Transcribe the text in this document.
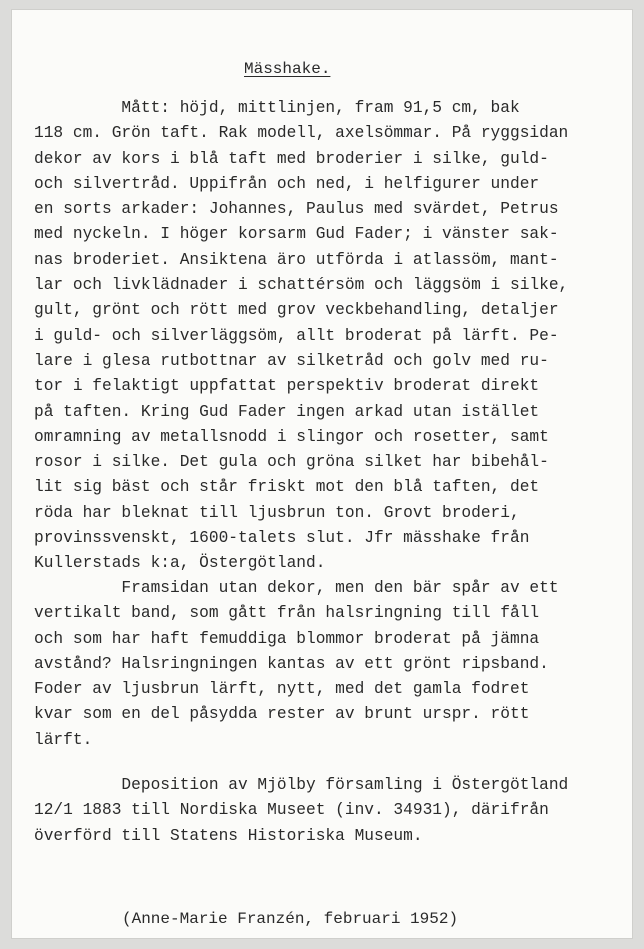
Mässhake.
Mått: höjd, mittlinjen, fram 91,5 cm, bak
118 cm. Grön taft. Rak modell, axelsömmar. På ryggsidan
dekor av kors i blå taft med broderier i silke, guld-
och silvertråd. Uppifrån och ned, i helfigurer under
en sorts arkader: Johannes, Paulus med svärdet, Petrus
med nyckeln. I höger korsarm Gud Fader; i vänster sak-
nas broderiet. Ansiktena äro utförda i atlassöm, mant-
lar och livklädnader i schattérsöm och läggsöm i silke,
gult, grönt och rött med grov veckbehandling, detaljer
i guld- och silverläggsöm, allt broderat på lärft. Pe-
lare i glesa rutbottnar av silketråd och golv med ru-
tor i felaktigt uppfattat perspektiv broderat direkt
på taften. Kring Gud Fader ingen arkad utan istället
omramning av metallsnodd i slingor och rosetter, samt
rosor i silke. Det gula och gröna silket har bibehål-
lit sig bäst och står friskt mot den blå taften, det
röda har bleknat till ljusbrun ton. Grovt broderi,
provinssvenskt, 1600-talets slut. Jfr mässhake från
Kullerstads k:a, Östergötland.
Framsidan utan dekor, men den bär spår av ett
vertikalt band, som gått från halsringning till fåll
och som har haft femuddiga blommor broderat på jämna
avstånd? Halsringningen kantas av ett grönt ripsband.
Foder av ljusbrun lärft, nytt, med det gamla fodret
kvar som en del påsydda rester av brunt urspr. rött
lärft.
Deposition av Mjölby församling i Östergötland
12/1 1883 till Nordiska Museet (inv. 34931), därifrån
överförd till Statens Historiska Museum.
(Anne-Marie Franzén, februari 1952)
